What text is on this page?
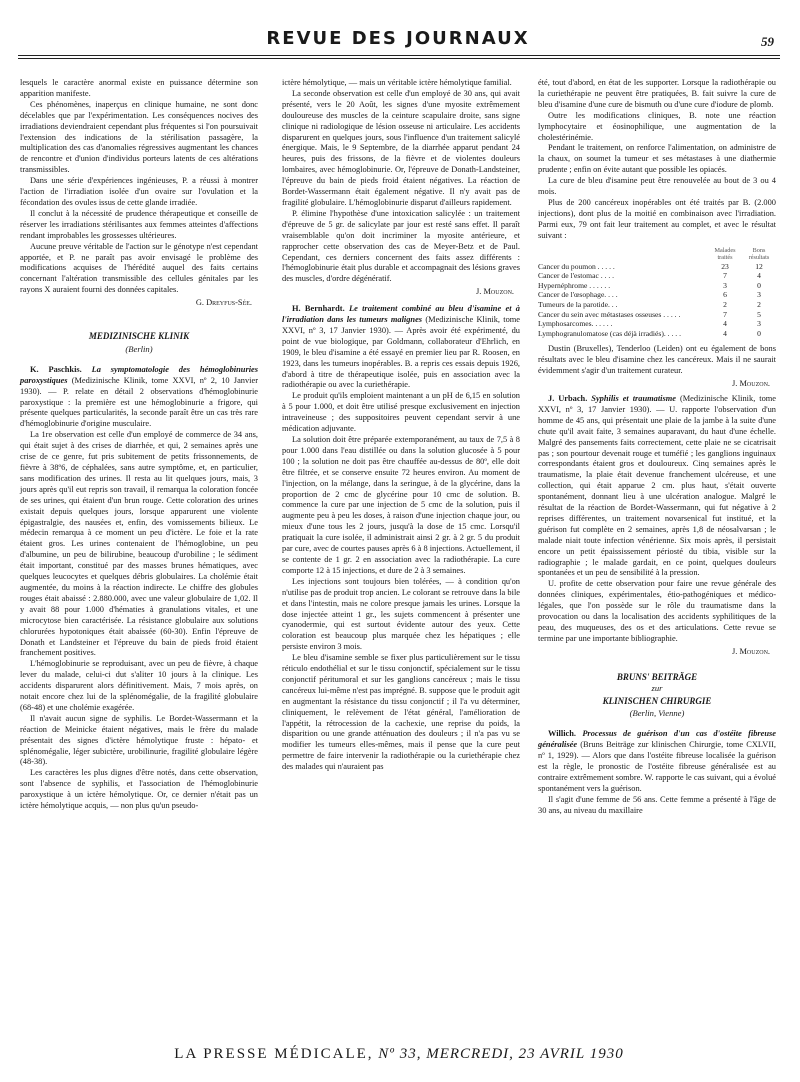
REVUE DES JOURNAUX	59

lesquels le caractère anormal existe en puissance détermine son apparition manifeste.

Ces phénomènes, inaperçus en clinique humaine, ne sont donc décelables que par l'expérimentation. Les conséquences nocives des irradiations deviendraient cependant plus fréquentes si l'on poursuivait l'extension des indications de la stérilisation passagère, la multiplication des cas d'anomalies régressives augmentant les chances de rencontre et d'union d'individus porteurs latents de ces altérations transmissibles.

Dans une série d'expériences ingénieuses, P. a réussi à montrer l'action de l'irradiation isolée d'un ovaire sur l'ovulation et la fécondation des ovules issus de cette glande irradiée.

Il conclut à la nécessité de prudence thérapeutique et conseille de réserver les irradiations stérilisantes aux femmes atteintes d'affections rendant improbables les grossesses ultérieures.

Aucune preuve véritable de l'action sur le génotype n'est cependant apportée, et P. ne paraît pas avoir envisagé le problème des modifications acquises de l'hérédité auquel des faits certains concernant l'altération transmissible des cellules génitales par les rayons X auraient fourni des données capitales.

G. Dreyfus-Sée.
MEDIZINISCHE KLINIK
(Berlin)

K. Paschkis. La symptomatologie des hémoglobinuries paroxystiques (Medizinische Klinik, tome XXVI, nº 2, 10 Janvier 1930). — P. relate en détail 2 observations d'hémoglobinurie paroxystique : la première est une hémoglobinurie a frigore, qui présente quelques particularités, la seconde paraît être un cas très rare d'hémoglobinurie d'origine musculaire.

La 1re observation est celle d'un employé de commerce de 34 ans, qui était sujet à des crises de diarrhée, et qui, 2 semaines après une crise de ce genre, fut pris subitement de petits frissonnements, de fièvre à 38º6, de céphalées, sans autre symptôme, et, en particulier, sans modification des urines. Il resta au lit quelques jours, mais, 3 jours après qu'il eut repris son travail, il remarqua la coloration foncée de ses urines, qui étaient d'un brun rouge. Cette coloration des urines existait depuis quelques jours, lorsque apparurent une violente épigastralgie, des nausées et, enfin, des vomissements bilieux. Le médecin remarqua à ce moment un peu d'ictère. Le foie et la rate étaient gros. Les urines contenaient de l'hémoglobine, un peu d'albumine, un peu de bilirubine, beaucoup d'urobiline ; le sédiment était important, constitué par des masses brunes hématiques, avec quelques leucocytes et quelques débris globulaires. La cholémie était augmentée, du moins à la réaction indirecte. Le chiffre des globules rouges était abaissé : 2.880.000, avec une valeur globulaire de 1,02. Il y avait 88 pour 1.000 d'hématies à granulations vitales, et une microcytose bien caractérisée. La résistance globulaire aux solutions chlorurées hypotoniques était abaissée (60-30). Enfin l'épreuve de Donath et Landsteiner et l'épreuve du bain de pieds froid étaient franchement positives.

L'hémoglobinurie se reproduisant, avec un peu de fièvre, à chaque lever du malade, celui-ci dut s'aliter 10 jours à la clinique. Les accidents disparurent alors définitivement. Mais, 7 mois après, on notait encore chez lui de la splénomégalie, de la fragilité globulaire (68-48) et une cholémie exagérée.

Il n'avait aucun signe de syphilis. Le Bordet-Wassermann et la réaction de Meinicke étaient négatives, mais le frère du malade présentait des signes d'ictère hémolytique fruste : hépato- et splénomégalie, léger subictère, urobilinurie, fragilité globulaire légère (48-38).

Les caractères les plus dignes d'être notés, dans cette observation, sont l'absence de syphilis, et l'association de l'hémoglobinurie paroxystique à un ictère hémolytique. Or, ce dernier n'était pas un ictère hémolytique acquis, — non plus qu'un pseudo-

ictère hémolytique, — mais un véritable ictère hémolytique familial.

La seconde observation est celle d'un employé de 30 ans, qui avait présenté, vers le 20 Août, les signes d'une myosite extrêmement douloureuse des muscles de la ceinture scapulaire droite, sans signe clinique ni radiologique de lésion osseuse ni articulaire. Les accidents disparurent en quelques jours, sous l'influence d'un traitement salicylé énergique. Mais, le 9 Septembre, de la diarrhée apparut pendant 24 heures, puis des frissons, de la fièvre et de violentes douleurs lombaires, avec hémoglobinurie. Or, l'épreuve de Donath-Landsteiner, l'épreuve du bain de pieds froid étaient négatives. La réaction de Bordet-Wassermann était également négative. Il n'y avait pas de fragilité globulaire. L'hémoglobinurie disparut d'ailleurs rapidement.

P. élimine l'hypothèse d'une intoxication salicylée : un traitement d'épreuve de 5 gr. de salicylate par jour est resté sans effet. Il paraît vraisemblable qu'on doit incriminer la myosite antérieure, et rapprocher cette observation des cas de Meyer-Betz et de Paul. Cependant, ces derniers concernent des faits assez différents : l'hémoglobinurie était plus durable et accompagnait des lésions graves des muscles, d'ordre dégénératif.

J. Mouzon.

H. Bernhardt. Le traitement combiné au bleu d'isamine et à l'irradiation dans les tumeurs malignes (Medizinische Klinik, tome XXVI, nº 3, 17 Janvier 1930). — Après avoir été expérimenté, du point de vue biologique, par Goldmann, collaborateur d'Ehrlich, en 1909, le bleu d'isamine a été essayé en premier lieu par R. Roosen, en 1923, dans les tumeurs inopérables. B. a repris ces essais depuis 1926, d'abord à titre de thérapeutique isolée, puis en association avec la radiothérapie ou avec la curiethérapie.

Le produit qu'ils emploient maintenant a un pH de 6,15 en solution à 5 pour 1.000, et doit être utilisé presque exclusivement en injection intraveineuse ; des suppositoires peuvent cependant servir à une médication adjuvante.

La solution doit être préparée extemporanément, au taux de 7,5 à 8 pour 1.000 dans l'eau distillée ou dans la solution glucosée à 5 pour 100 ; la solution ne doit pas être chauffée au-dessus de 80º, elle doit être filtrée, et se conserve ensuite 72 heures environ. Au moment de l'injection, on la mélange, dans la seringue, à de la glycérine, dans la proportion de 2 cmc de glycérine pour 10 cmc de solution. B. commence la cure par une injection de 5 cmc de la solution, puis il augmente peu à peu les doses, à raison d'une injection chaque jour, ou mieux d'une tous les 2 jours, jusqu'à la dose de 15 cmc. Lorsqu'il pratiquait la cure isolée, il administrait ainsi 2 gr. à 2 gr. 5 du produit par cure, avec de courtes pauses après 6 à 8 injections. Actuellement, il se contente de 1 gr. 2 en association avec la radiothérapie. La cure comporte 12 à 15 injections, et dure de 2 à 3 semaines.

Les injections sont toujours bien tolérées, — à condition qu'on n'utilise pas de produit trop ancien. Le colorant se retrouve dans la bile et dans l'intestin, mais ne colore presque jamais les urines. Lorsque la dose injectée atteint 1 gr., les sujets commencent à présenter une cyanodermie, qui est surtout évidente autour des yeux. Cette coloration est beaucoup plus marquée chez les hépatiques ; elle persiste environ 3 mois.

Le bleu d'isamine semble se fixer plus particulièrement sur le tissu réticulo endothélial et sur le tissu conjonctif, spécialement sur le tissu conjonctif péritumoral et sur les ganglions cancéreux ; mais le tissu cancéreux lui-même n'est pas imprégné. B. suppose que le produit agit en augmentant la résistance du tissu conjonctif ; il l'a vu déterminer, cliniquement, le relèvement de l'état général, l'amélioration de l'appétit, la rétrocession de la cachexie, une reprise du poids, la disparition ou une grande atténuation des douleurs ; il n'a pas vu se modifier les tumeurs elles-mêmes, mais il pense que la cure peut permettre de faire intervenir la radiothérapie ou la curiethérapie chez des malades qui n'auraient pas

été, tout d'abord, en état de les supporter. Lorsque la radiothérapie ou la curiethérapie ne peuvent être pratiquées, B. fait suivre la cure de bleu d'isamine d'une cure de bismuth ou d'une cure d'iodure de plomb.

Outre les modifications cliniques, B. note une réaction lymphocytaire et éosinophilique, une augmentation de la cholestérinémie.

Pendant le traitement, on renforce l'alimentation, on administre de la chaux, on soumet la tumeur et ses métastases à une diathermie prudente ; enfin on évite autant que possible les opiacés.

La cure de bleu d'isamine peut être renouvelée au bout de 3 ou 4 mois.

Plus de 200 cancéreux inopérables ont été traités par B. (2.000 injections), dont plus de la moitié en combinaison avec l'irradiation. Parmi eux, 79 ont fait leur traitement au complet, et avec le résultat suivant :

	Malades traités	Bons résultats
Cancer du poumon . . . . .	23	12
Cancer de l'estomac . . . .	7	4
Hypernéphrome . . . . . .	3	0
Cancer de l'œsophage. . . .	6	3
Tumeurs de la parotide. . .	2	2
Cancer du sein avec métastases osseuses . . . . .	7	5
Lymphosarcomes. . . . . .	4	3
Lymphogranulomatose (cas déjà irradiés). . . . .	4	0

Dustin (Bruxelles), Tenderloo (Leiden) ont eu également de bons résultats avec le bleu d'isamine chez les cancéreux. Mais il ne saurait évidemment s'agir d'un traitement curateur.

J. Mouzon.

J. Urbach. Syphilis et traumatisme (Medizinische Klinik, tome XXVI, nº 3, 17 Janvier 1930). — U. rapporte l'observation d'un homme de 45 ans, qui présentait une plaie de la jambe à la suite d'une chute qu'il avait faite, 3 semaines auparavant, du haut d'une échelle. Malgré des pansements faits correctement, cette plaie ne se cicatrisait pas ; son pourtour devenait rouge et tuméfié ; les ganglions inguinaux correspondants étaient gros et douloureux. Cinq semaines après le traumatisme, la plaie était devenue franchement ulcéreuse, et une collection, qui était apparue 2 cm. plus haut, s'était ouverte spontanément, donnant lieu à une ulcération analogue. Malgré le résultat de la réaction de Bordet-Wassermann, qui fut négative à 2 reprises différentes, un traitement novarsenical fut institué, et la guérison fut complète en 2 semaines, après 1,8 de néosalvarsan ; le malade niait toute infection vénérienne. Six mois après, il persistait encore un petit épaississement périosté du tibia, visible sur la radiographie ; le malade gardait, en ce point, quelques douleurs spontanées et un peu de sensibilité à la pression.

U. profite de cette observation pour faire une revue générale des données cliniques, expérimentales, étio-pathogéniques et médico-légales, que l'on possède sur le rôle du traumatisme dans la provocation ou dans la localisation des accidents syphilitiques de la peau, des muqueuses, des os et des articulations. Cette revue se termine par une importante bibliographie.

J. Mouzon.
BRUNS' BEITRÄGE
zur
KLINISCHEN CHIRURGIE
(Berlin, Vienne)

Willich. Processus de guérison d'un cas d'ostéite fibreuse généralisée (Bruns Beiträge zur klinischen Chirurgie, tome CXLVII, nº 1, 1929). — Alors que dans l'ostéite fibreuse localisée la guérison est la règle, le pronostic de l'ostéite fibreuse généralisée est au contraire extrêmement sombre. W. rapporte le cas suivant, qui a évolué spontanément vers la guérison.

Il s'agit d'une femme de 56 ans. Cette femme a présenté à l'âge de 30 ans, au niveau du maxillaire

LA PRESSE MÉDICALE, Nº 33, MERCREDI, 23 AVRIL 1930
